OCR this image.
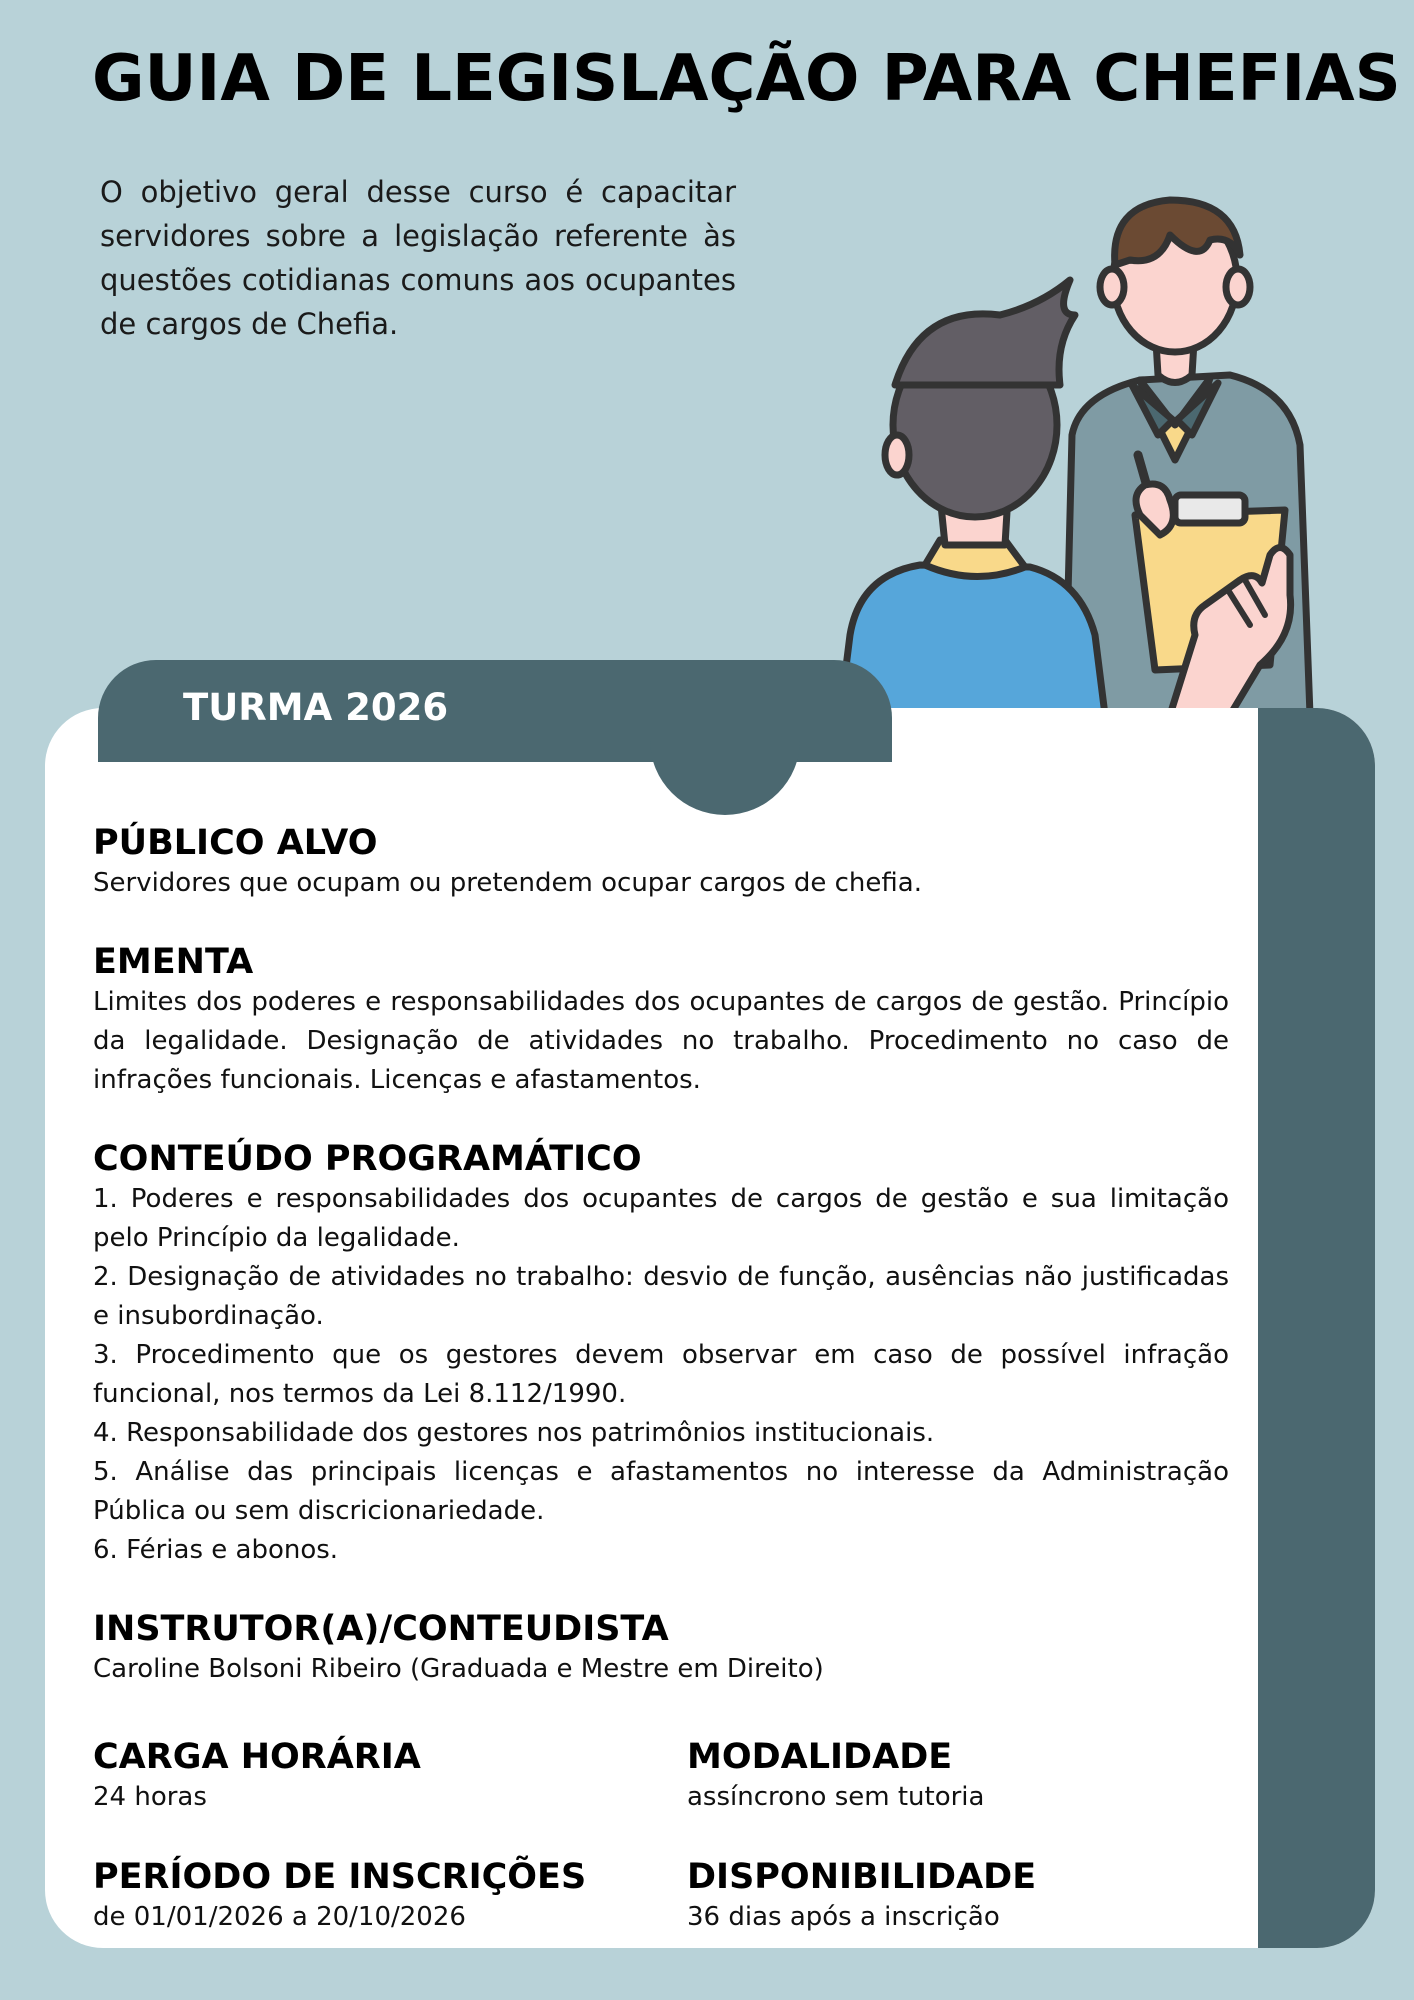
GUIA DE LEGISLAÇÃO PARA CHEFIAS

O objetivo geral desse curso é capacitar servidores sobre a legislação referente às questões cotidianas comuns aos ocupantes de cargos de Chefia.

TURMA 2026
PÚBLICO ALVO

Servidores que ocupam ou pretendem ocupar cargos de chefia.

EMENTA

Limites dos poderes e responsabilidades dos ocupantes de cargos de gestão. Princípio da legalidade. Designação de atividades no trabalho. Procedimento no caso de infrações funcionais. Licenças e afastamentos.

CONTEÚDO PROGRAMÁTICO

1. Poderes e responsabilidades dos ocupantes de cargos de gestão e sua limitação pelo Princípio da legalidade.

2. Designação de atividades no trabalho: desvio de função, ausências não justificadas e insubordinação.

3. Procedimento que os gestores devem observar em caso de possível infração funcional, nos termos da Lei 8.112/1990.

4. Responsabilidade dos gestores nos patrimônios institucionais.

5. Análise das principais licenças e afastamentos no interesse da Administração Pública ou sem discricionariedade.

6. Férias e abonos.

INSTRUTOR(A)/CONTEUDISTA

Caroline Bolsoni Ribeiro (Graduada e Mestre em Direito)

CARGA HORÁRIA

24 horas

MODALIDADE

assíncrono sem tutoria

PERÍODO DE INSCRIÇÕES

de 01/01/2026 a 20/10/2026

DISPONIBILIDADE

36 dias após a inscrição
